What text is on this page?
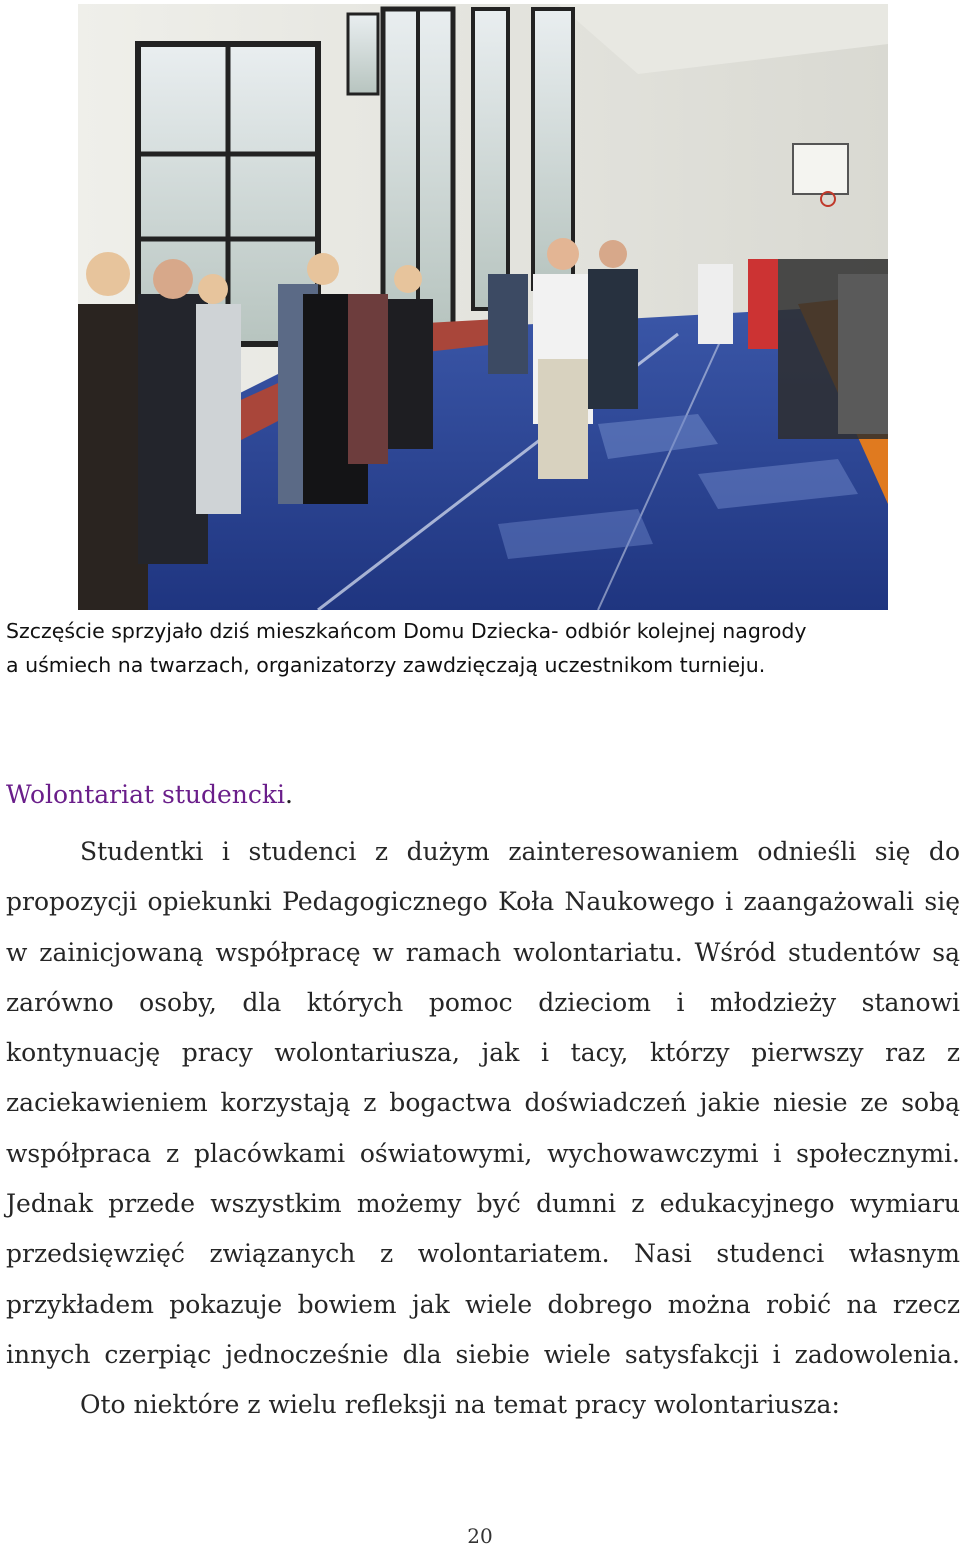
Szczęście sprzyjało dziś mieszkańcom Domu Dziecka- odbiór kolejnej nagrody
a uśmiech na twarzach, organizatorzy zawdzięczają uczestnikom turnieju.
Wolontariat studencki.
Studentki i studenci z dużym zainteresowaniem odnieśli się do
propozycji opiekunki Pedagogicznego Koła Naukowego i zaangażowali się
w zainicjowaną współpracę w ramach wolontariatu. Wśród studentów są
zarówno osoby, dla których pomoc dzieciom i młodzieży stanowi
kontynuację pracy wolontariusza, jak i tacy, którzy pierwszy raz z
zaciekawieniem korzystają z bogactwa doświadczeń jakie niesie ze sobą
współpraca z placówkami oświatowymi, wychowawczymi i społecznymi.
Jednak przede wszystkim możemy być dumni z edukacyjnego wymiaru
przedsięwzięć związanych z wolontariatem. Nasi studenci własnym
przykładem pokazuje bowiem jak wiele dobrego można robić na rzecz
innych czerpiąc jednocześnie dla siebie wiele satysfakcji i zadowolenia.
Oto niektóre z wielu refleksji na temat pracy wolontariusza:
20
